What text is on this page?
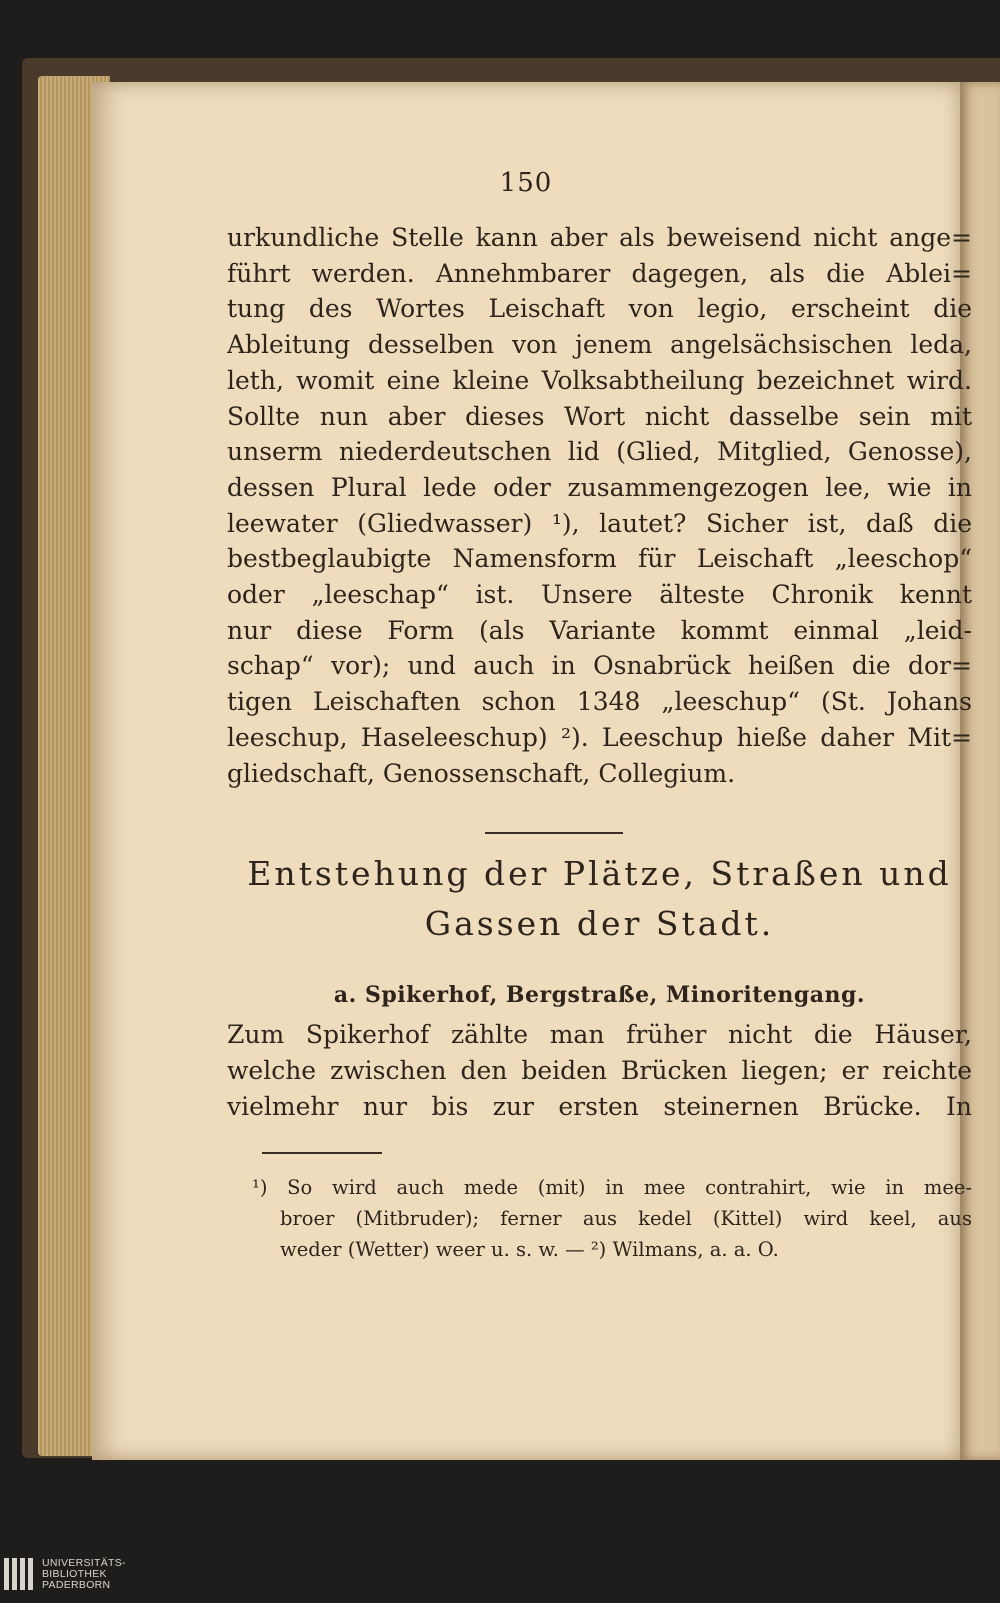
150
urkundliche Stelle kann aber als beweisend nicht ange=
führt werden. Annehmbarer dagegen, als die Ablei=
tung des Wortes Leischaft von legio, erscheint die
Ableitung desselben von jenem angelsächsischen leda,
leth, womit eine kleine Volksabtheilung bezeichnet wird.
Sollte nun aber dieses Wort nicht dasselbe sein mit
unserm niederdeutschen lid (Glied, Mitglied, Genosse),
dessen Plural lede oder zusammengezogen lee, wie in
leewater (Gliedwasser) ¹), lautet? Sicher ist, daß die
bestbeglaubigte Namensform für Leischaft „leeschop“
oder „leeschap“ ist. Unsere älteste Chronik kennt
nur diese Form (als Variante kommt einmal „leid-
schap“ vor); und auch in Osnabrück heißen die dor=
tigen Leischaften schon 1348 „leeschup“ (St. Johans
leeschup, Haseleeschup) ²). Leeschup hieße daher Mit=
gliedschaft, Genossenschaft, Collegium.
Entstehung der Plätze, Straßen und
Gassen der Stadt.
a. Spikerhof, Bergstraße, Minoritengang.
Zum Spikerhof zählte man früher nicht die Häuser,
welche zwischen den beiden Brücken liegen; er reichte
vielmehr nur bis zur ersten steinernen Brücke. In
¹) So wird auch mede (mit) in mee contrahirt, wie in mee-
broer (Mitbruder); ferner aus kedel (Kittel) wird keel, aus
weder (Wetter) weer u. s. w. — ²) Wilmans, a. a. O.
UNIVERSITÄTS-
BIBLIOTHEK
PADERBORN
